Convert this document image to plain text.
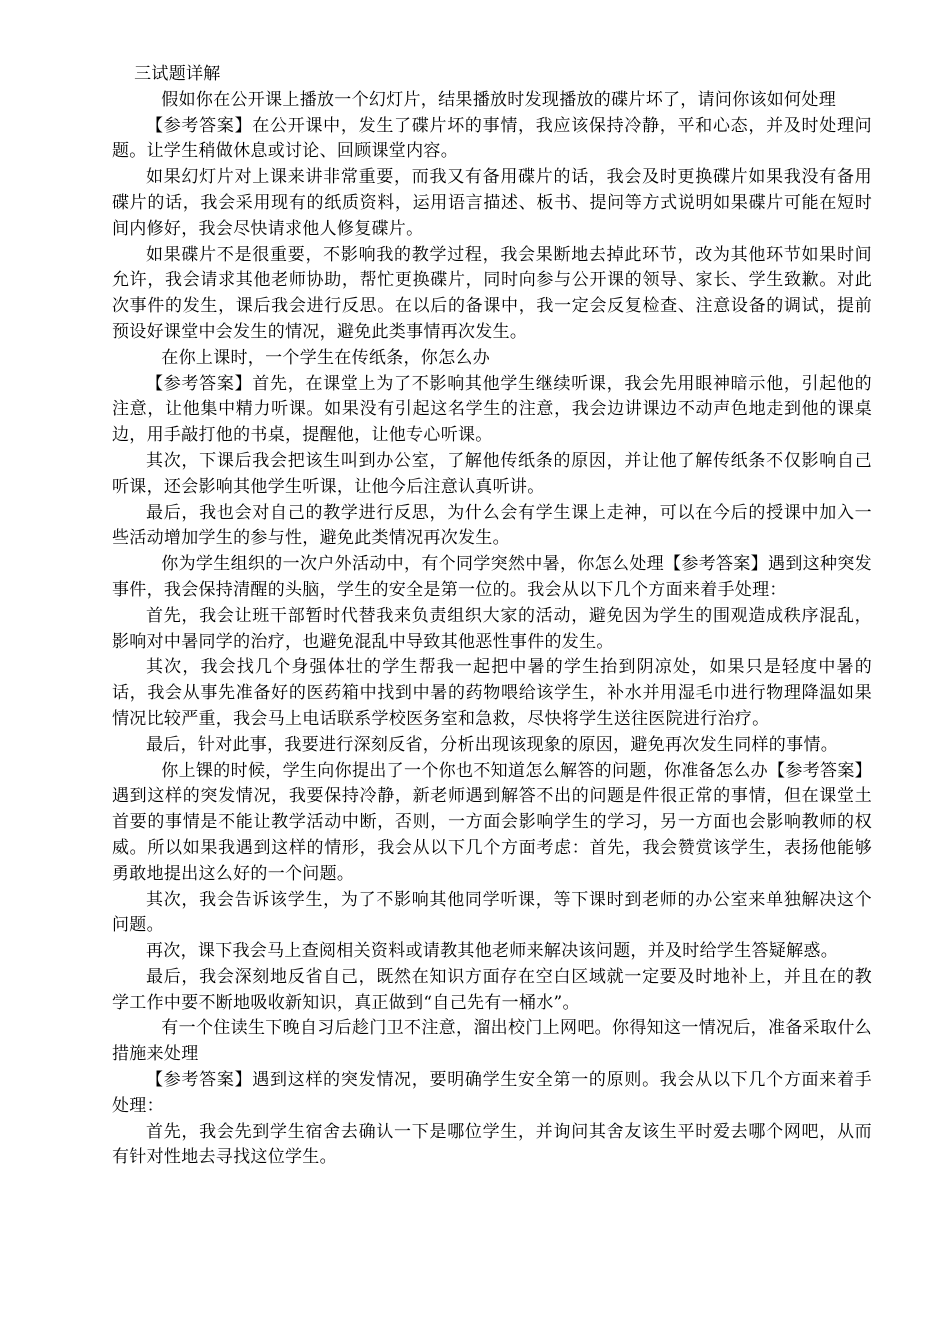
三试题详解

假如你在公开课上播放一个幻灯片，结果播放时发现播放的碟片坏了，请问你该如何处理

【参考答案】在公开课中，发生了碟片坏的事情，我应该保持冷静，平和心态，并及时处理问题。让学生稍做休息或讨论、回顾课堂内容。

如果幻灯片对上课来讲非常重要，而我又有备用碟片的话，我会及时更换碟片如果我没有备用碟片的话，我会采用现有的纸质资料，运用语言描述、板书、提问等方式说明如果碟片可能在短时间内修好，我会尽快请求他人修复碟片。

如果碟片不是很重要，不影响我的教学过程，我会果断地去掉此环节，改为其他环节如果时间允许，我会请求其他老师协助，帮忙更换碟片，同时向参与公开课的领导、家长、学生致歉。对此次事件的发生，课后我会进行反思。在以后的备课中，我一定会反复检查、注意设备的调试，提前预设好课堂中会发生的情况，避免此类事情再次发生。

在你上课时，一个学生在传纸条，你怎么办

【参考答案】首先，在课堂上为了不影响其他学生继续听课，我会先用眼神暗示他，引起他的注意，让他集中精力听课。如果没有引起这名学生的注意，我会边讲课边不动声色地走到他的课桌边，用手敲打他的书桌，提醒他，让他专心听课。

其次，下课后我会把该生叫到办公室，了解他传纸条的原因，并让他了解传纸条不仅影响自己听课，还会影响其他学生听课，让他今后注意认真听讲。

最后，我也会对自己的教学进行反思，为什么会有学生课上走神，可以在今后的授课中加入一些活动增加学生的参与性，避免此类情况再次发生。

你为学生组织的一次户外活动中，有个同学突然中暑，你怎么处理【参考答案】遇到这种突发事件，我会保持清醒的头脑，学生的安全是第一位的。我会从以下几个方面来着手处理：

首先，我会让班干部暂时代替我来负责组织大家的活动，避免因为学生的围观造成秩序混乱，影响对中暑同学的治疗，也避免混乱中导致其他恶性事件的发生。

其次，我会找几个身强体壮的学生帮我一起把中暑的学生抬到阴凉处，如果只是轻度中暑的话，我会从事先准备好的医药箱中找到中暑的药物喂给该学生，补水并用湿毛巾进行物理降温如果情况比较严重，我会马上电话联系学校医务室和急救，尽快将学生送往医院进行治疗。

最后，针对此事，我要进行深刻反省，分析出现该现象的原因，避免再次发生同样的事情。

你上锞的时候，学生向你提出了一个你也不知道怎么解答的问题，你准备怎么办【参考答案】遇到这样的突发情况，我要保持冷静，新老师遇到解答不出的问题是件很正常的事情，但在课堂土首要的事情是不能让教学活动中断，否则，一方面会影响学生的学习，另一方面也会影响教师的权威。所以如果我遇到这样的情形，我会从以下几个方面考虑：首先，我会赞赏该学生，表扬他能够勇敢地提出这么好的一个问题。

其次，我会告诉该学生，为了不影响其他同学听课，等下课时到老师的办公室来单独解决这个问题。

再次，课下我会马上查阅相关资料或请教其他老师来解决该问题，并及时给学生答疑解惑。

最后，我会深刻地反省自己，既然在知识方面存在空白区域就一定要及时地补上，并且在的教学工作中要不断地吸收新知识，真正做到“自己先有一桶水”。

有一个住读生下晚自习后趁门卫不注意，溜出校门上网吧。你得知这一情况后，准备采取什么措施来处理

【参考答案】遇到这样的突发情况，要明确学生安全第一的原则。我会从以下几个方面来着手处理：

首先，我会先到学生宿舍去确认一下是哪位学生，并询问其舍友该生平时爱去哪个网吧，从而有针对性地去寻找这位学生。
